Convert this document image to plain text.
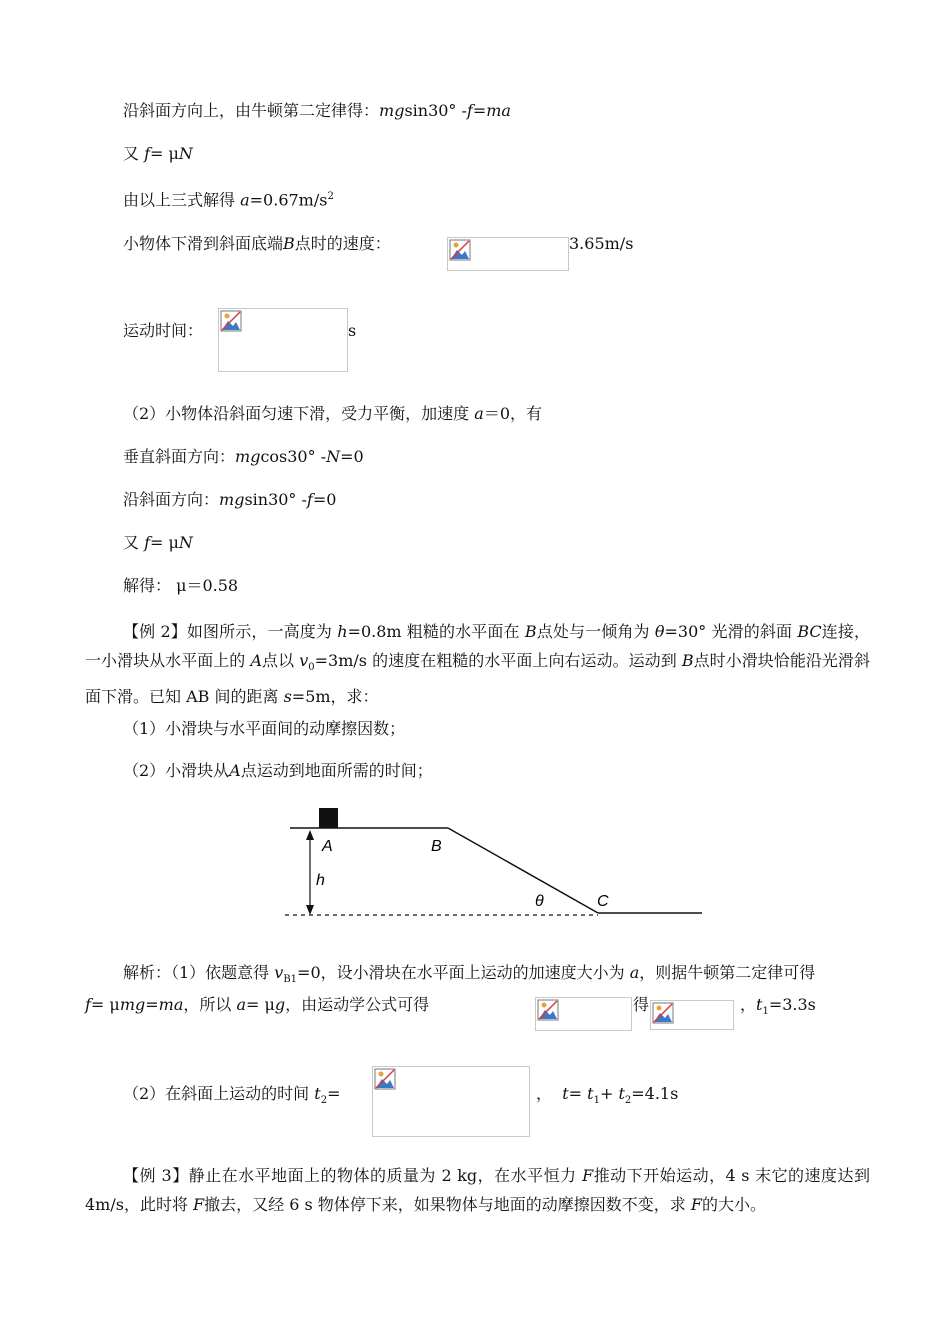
沿斜面方向上，由牛顿第二定律得：mgsin30° -f=ma
又 f= μN
由以上三式解得 $a=0.67m/s^2$
小物体下滑到斜面底端B点时的速度：	3.65m/s
运动时间：	s
（2）小物体沿斜面匀速下滑，受力平衡，加速度 a＝0，有
垂直斜面方向：mgcos30° -N=0
沿斜面方向：mgsin30° -f=0
又 f= μN
解得： μ＝0.58
【例 2】如图所示，一高度为 h=0.8m 粗糙的水平面在 B点处与一倾角为 θ=30° 光滑的斜面 BC连接，一小滑块从水平面上的 A点以 $v_0=3m/s$ 的速度在粗糙的水平面上向右运动。运动到 B点时小滑块恰能沿光滑斜面下滑。已知 AB 间的距离 s=5m，求：
（1）小滑块与水平面间的动摩擦因数；
（2）小滑块从A点运动到地面所需的时间；
A	B
h
θ	C
解析：（1）依题意得 $v_{B1}=0$，设小滑块在水平面上运动的加速度大小为 a，则据牛顿第二定律可得
f= μmg=ma，所以 a= μg，由运动学公式可得	得	，$t_1=3.3s$
（2）在斜面上运动的时间 $t_2=$	， $t= t_1+ t_2=4.1s$
【例 3】静止在水平地面上的物体的质量为 2 kg，在水平恒力 F推动下开始运动，4 s 末它的速度达到 4m/s，此时将 F撤去，又经 6 s 物体停下来，如果物体与地面的动摩擦因数不变，求 F的大小。
